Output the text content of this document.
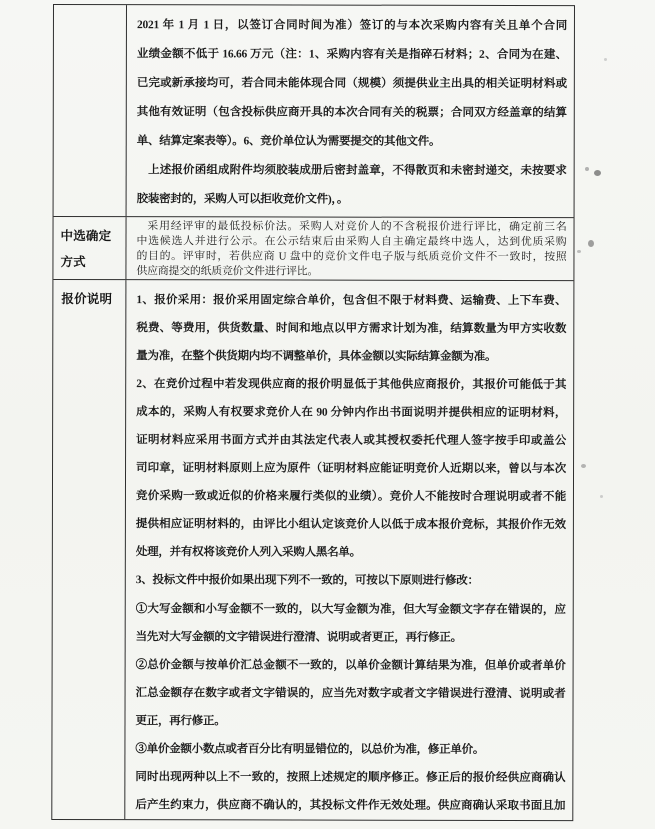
2021 年 1 月 1 日，以签订合同时间为准）签订的与本次采购内容有关且单个合同
业绩金额不低于 16.66 万元（注：1、采购内容有关是指碎石材料；2、合同为在建、
已完或新承接均可，若合同未能体现合同（规模）须提供业主出具的相关证明材料或
其他有效证明（包含投标供应商开具的本次合同有关的税票；合同双方经盖章的结算
单、结算定案表等）。6、竞价单位认为需要提交的其他文件。
上述报价函组成附件均须胶装成册后密封盖章，不得散页和未密封递交，未按要求
胶装密封的，采购人可以拒收竞价文件)，。
中选确定方式
采用经评审的最低投标价法。采购人对竞价人的不含税报价进行评比，确定前三名
中选候选人并进行公示。在公示结束后由采购人自主确定最终中选人，达到优质采购
的目的。评审时，若供应商 U 盘中的竞价文件电子版与纸质竞价文件不一致时，按照
供应商提交的纸质竞价文件进行评比。
报价说明	1、报价采用：报价采用固定综合单价，包含但不限于材料费、运输费、上下车费、
税费、等费用，供货数量、时间和地点以甲方需求计划为准，结算数量为甲方实收数
量为准，在整个供货期内均不调整单价，具体金额以实际结算金额为准。
2、在竞价过程中若发现供应商的报价明显低于其他供应商报价，其报价可能低于其
成本的，采购人有权要求竞价人在 90 分钟内作出书面说明并提供相应的证明材料，
证明材料应采用书面方式并由其法定代表人或其授权委托代理人签字按手印或盖公
司印章，证明材料原则上应为原件（证明材料应能证明竞价人近期以来，曾以与本次
竞价采购一致或近似的价格来履行类似的业绩）。竞价人不能按时合理说明或者不能
提供相应证明材料的，由评比小组认定该竞价人以低于成本报价竞标，其报价作无效
处理，并有权将该竞价人列入采购人黑名单。
3、投标文件中报价如果出现下列不一致的，可按以下原则进行修改：
①大写金额和小写金额不一致的，以大写金额为准，但大写金额文字存在错误的，应
当先对大写金额的文字错误进行澄清、说明或者更正，再行修正。
②总价金额与按单价汇总金额不一致的，以单价金额计算结果为准，但单价或者单价
汇总金额存在数字或者文字错误的，应当先对数字或者文字错误进行澄清、说明或者
更正，再行修正。
③单价金额小数点或者百分比有明显错位的，以总价为准，修正单价。
同时出现两种以上不一致的，按照上述规定的顺序修正。修正后的报价经供应商确认
后产生约束力，供应商不确认的，其投标文件作无效处理。供应商确认采取书面且加
